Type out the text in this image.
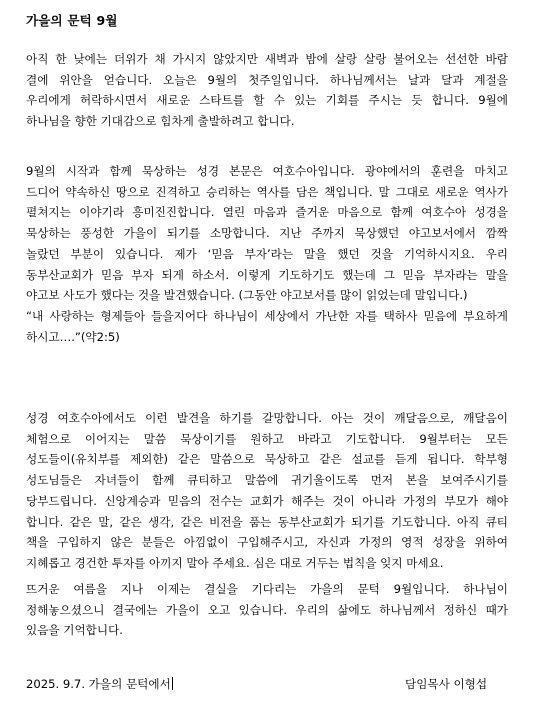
가을의 문턱 9월
아직 한 낮에는 더위가 채 가시지 않았지만 새벽과 밤에 살랑 살랑 불어오는 선선한 바람
결에 위안을 얻습니다. 오늘은 9월의 첫주일입니다. 하나님께서는 날과 달과 계절을
우리에게 허락하시면서 새로운 스타트를 할 수 있는 기회를 주시는 듯 합니다. 9월에
하나님을 향한 기대감으로 힘차게 출발하려고 합니다.
9월의 시작과 함께 묵상하는 성경 본문은 여호수아입니다. 광야에서의 훈련을 마치고
드디어 약속하신 땅으로 진격하고 승리하는 역사를 담은 책입니다. 말 그대로 새로운 역사가
펼쳐지는 이야기라 흥미진진합니다. 열린 마음과 즐거운 마음으로 함께 여호수아 성경을
묵상하는 풍성한 가을이 되기를 소망합니다. 지난 주까지 묵상했던 야고보서에서 깜짝
놀랐던 부분이 있습니다. 제가 ‘믿음 부자’라는 말을 했던 것을 기억하시지요. 우리
동부산교회가 믿음 부자 되게 하소서. 이렇게 기도하기도 했는데 그 믿음 부자라는 말을
야고보 사도가 했다는 것을 발견했습니다. (그동안 야고보서를 많이 읽었는데 말입니다.)
“내 사랑하는 형제들아 들을지어다 하나님이 세상에서 가난한 자를 택하사 믿음에 부요하게
하시고….”(약2:5)
성경 여호수아에서도 이런 발견을 하기를 갈망합니다. 아는 것이 깨달음으로, 깨달음이
체험으로 이어지는 말씀 묵상이기를 원하고 바라고 기도합니다. 9월부터는 모든
성도들이(유치부를 제외한) 같은 말씀으로 묵상하고 같은 설교를 듣게 됩니다. 학부형
성도님들은 자녀들이 함께 큐티하고 말씀에 귀기울이도록 먼저 본을 보여주시기를
당부드립니다. 신앙계승과 믿음의 전수는 교회가 해주는 것이 아니라 가정의 부모가 해야
합니다. 같은 말, 같은 생각, 같은 비전을 품는 동부산교회가 되기를 기도합니다. 아직 큐티
책을 구입하지 않은 분들은 아낌없이 구입해주시고, 자신과 가정의 영적 성장을 위하여
지혜롭고 경건한 투자를 아끼지 말아 주세요. 심은 대로 거두는 법칙을 잊지 마세요.
뜨거운 여름을 지나 이제는 결실을 기다리는 가을의 문턱 9월입니다. 하나님이
정해놓으셨으니 결국에는 가을이 오고 있습니다. 우리의 삶에도 하나님께서 정하신 때가
있음을 기억합니다.
2025. 9.7. 가을의 문턱에서	담임목사 이형섭
